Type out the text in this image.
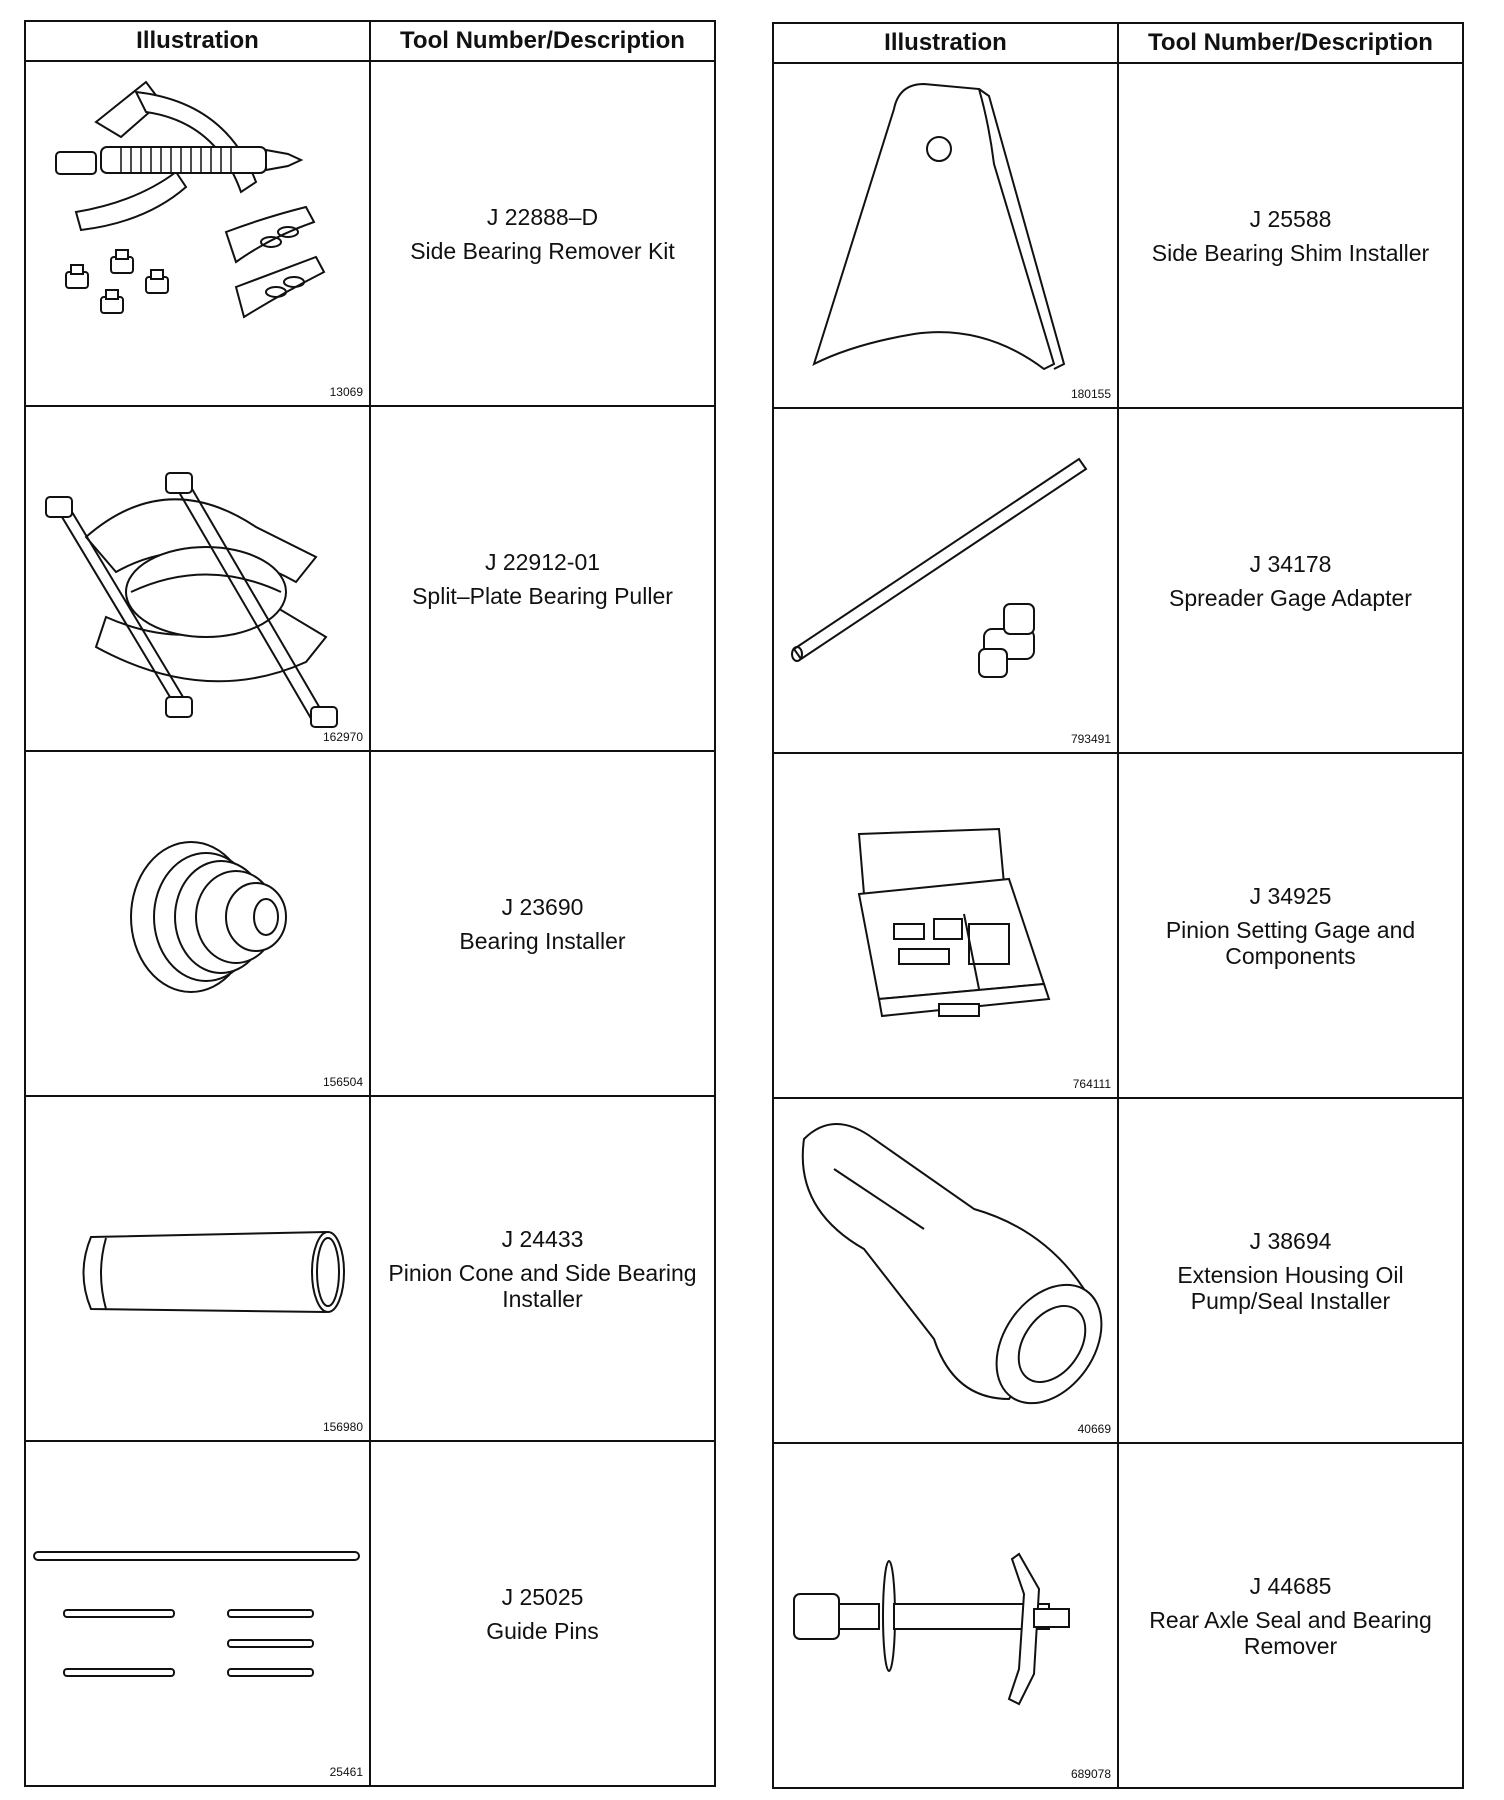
Illustration	Tool Number/Description

13069	J 22888–D
Side Bearing Remover Kit

162970	J 22912-01
Split–Plate Bearing Puller

156504	J 23690
Bearing Installer

156980	J 24433
Pinion Cone and Side Bearing Installer

25461	J 25025
Guide Pins
Illustration	Tool Number/Description

180155	J 25588
Side Bearing Shim Installer

793491	J 34178
Spreader Gage Adapter

764111	J 34925
Pinion Setting Gage and Components

40669	J 38694
Extension Housing Oil Pump/Seal Installer

689078	J 44685
Rear Axle Seal and Bearing Remover
